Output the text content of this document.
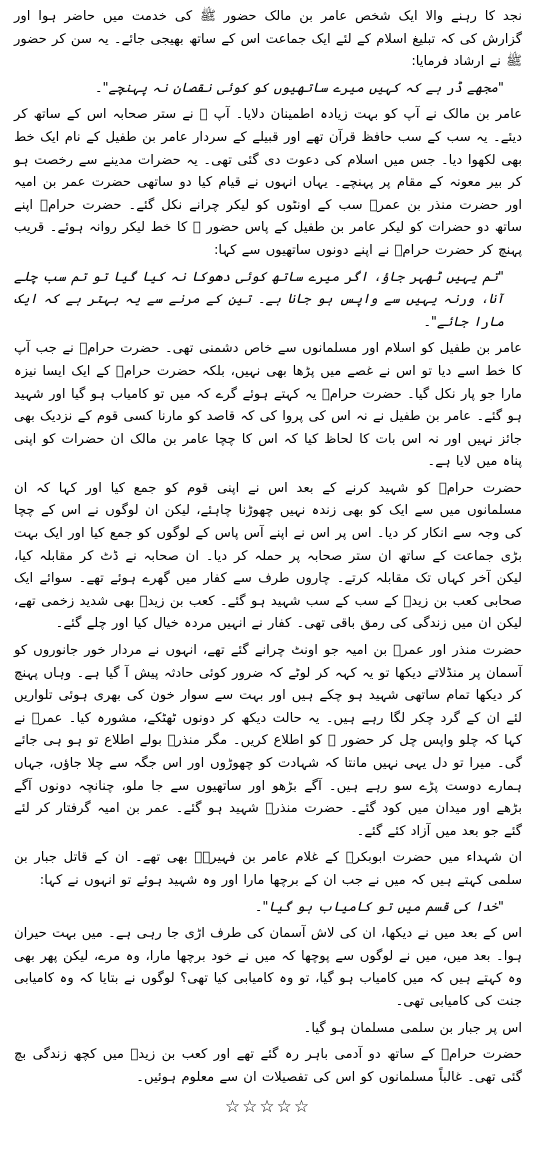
نجد کا رہنے والا ایک شخص عامر بن مالک حضور ﷺ کی خدمت میں حاضر ہوا اور گزارش کی کہ تبلیغ اسلام کے لئے ایک جماعت اس کے ساتھ بھیجی جائے۔ یہ سن کر حضور ﷺ نے ارشاد فرمایا:

"مجھے ڈر ہے کہ کہیں میرے ساتھیوں کو کوئی نقصان نہ پہنچے"۔

عامر بن مالک نے آپ کو بہت زیادہ اطمینان دلایا۔ آپ ﷺ نے ستر صحابہ اس کے ساتھ کر دیئے۔ یہ سب کے سب حافظ قرآن تھے اور قبیلے کے سردار عامر بن طفیل کے نام ایک خط بھی لکھوا دیا۔ جس میں اسلام کی دعوت دی گئی تھی۔ یہ حضرات مدینے سے رخصت ہو کر بیر معونہ کے مقام پر پہنچے۔ یہاں انہوں نے قیام کیا دو ساتھی حضرت عمر بن امیہ اور حضرت منذر بن عمرؓ سب کے اونٹوں کو لیکر چرانے نکل گئے۔ حضرت حرامؓ اپنے ساتھ دو حضرات کو لیکر عامر بن طفیل کے پاس حضور ﷺ کا خط لیکر روانہ ہوئے۔ قریب پہنچ کر حضرت حرامؓ نے اپنے دونوں ساتھیوں سے کہا:

"تم یہیں ٹھہر جاؤ، اگر میرے ساتھ کوئی دھوکا نہ کیا گیا تو تم سب چلے آنا، ورنہ یہیں سے واپس ہو جانا ہے۔ تین کے مرنے سے یہ بہتر ہے کہ ایک مارا جائے"۔

عامر بن طفیل کو اسلام اور مسلمانوں سے خاص دشمنی تھی۔ حضرت حرامؓ نے جب آپ کا خط اسے دیا تو اس نے غصے میں پڑھا بھی نہیں، بلکہ حضرت حرامؓ کے ایک ایسا نیزہ مارا جو پار نکل گیا۔ حضرت حرامؓ یہ کہتے ہوئے گرے کہ میں تو کامیاب ہو گیا اور شہید ہو گئے۔ عامر بن طفیل نے نہ اس کی پروا کی کہ قاصد کو مارنا کسی قوم کے نزدیک بھی جائز نہیں اور نہ اس بات کا لحاظ کیا کہ اس کا چچا عامر بن مالک ان حضرات کو اپنی پناہ میں لایا ہے۔

حضرت حرامؓ کو شہید کرنے کے بعد اس نے اپنی قوم کو جمع کیا اور کہا کہ ان مسلمانوں میں سے ایک کو بھی زندہ نہیں چھوڑنا چاہئے، لیکن ان لوگوں نے اس کے چچا کی وجہ سے انکار کر دیا۔ اس پر اس نے اپنے آس پاس کے لوگوں کو جمع کیا اور ایک بہت بڑی جماعت کے ساتھ ان ستر صحابہ پر حملہ کر دیا۔ ان صحابہ نے ڈٹ کر مقابلہ کیا، لیکن آخر کہاں تک مقابلہ کرتے۔ چاروں طرف سے کفار میں گھرے ہوئے تھے۔ سوائے ایک صحابی کعب بن زیدؓ کے سب کے سب شہید ہو گئے۔ کعب بن زیدؓ بھی شدید زخمی تھے، لیکن ان میں زندگی کی رمق باقی تھی۔ کفار نے انہیں مردہ خیال کیا اور چلے گئے۔

حضرت منذر اور عمرؓ بن امیہ جو اونٹ چرانے گئے تھے، انہوں نے مردار خور جانوروں کو آسمان پر منڈلاتے دیکھا تو یہ کہہ کر لوٹے کہ ضرور کوئی حادثہ پیش آ گیا ہے۔ وہاں پہنچ کر دیکھا تمام ساتھی شہید ہو چکے ہیں اور بہت سے سوار خون کی بھری ہوئی تلواریں لئے ان کے گرد چکر لگا رہے ہیں۔ یہ حالت دیکھ کر دونوں ٹھٹکے، مشورہ کیا۔ عمرؓ نے کہا کہ چلو واپس چل کر حضور ﷺ کو اطلاع کریں۔ مگر منذرؓ بولے اطلاع تو ہو ہی جائے گی۔ میرا تو دل یہی نہیں مانتا کہ شہادت کو چھوڑوں اور اس جگہ سے چلا جاؤں، جہاں ہمارے دوست پڑے سو رہے ہیں۔ آگے بڑھو اور ساتھیوں سے جا ملو، چنانچہ دونوں آگے بڑھے اور میدان میں کود گئے۔ حضرت منذرؓ شہید ہو گئے۔ عمر بن امیہ گرفتار کر لئے گئے جو بعد میں آزاد کئے گئے۔

ان شہداء میں حضرت ابوبکرؓ کے غلام عامر بن فہیرہؓ بھی تھے۔ ان کے قاتل جبار بن سلمی کہتے ہیں کہ میں نے جب ان کے برچھا مارا اور وہ شہید ہوئے تو انہوں نے کہا:

"خدا کی قسم میں تو کامیاب ہو گیا"۔

اس کے بعد میں نے دیکھا، ان کی لاش آسمان کی طرف اڑی جا رہی ہے۔ میں بہت حیران ہوا۔ بعد میں، میں نے لوگوں سے پوچھا کہ میں نے خود برچھا مارا، وہ مرے، لیکن پھر بھی وہ کہتے ہیں کہ میں کامیاب ہو گیا، تو وہ کامیابی کیا تھی؟ لوگوں نے بتایا کہ وہ کامیابی جنت کی کامیابی تھی۔

اس پر جبار بن سلمی مسلمان ہو گیا۔

حضرت حرامؓ کے ساتھ دو آدمی باہر رہ گئے تھے اور کعب بن زیدؓ میں کچھ زندگی بچ گئی تھی۔ غالباً مسلمانوں کو اس کی تفصیلات ان سے معلوم ہوئیں۔

☆☆☆☆☆
